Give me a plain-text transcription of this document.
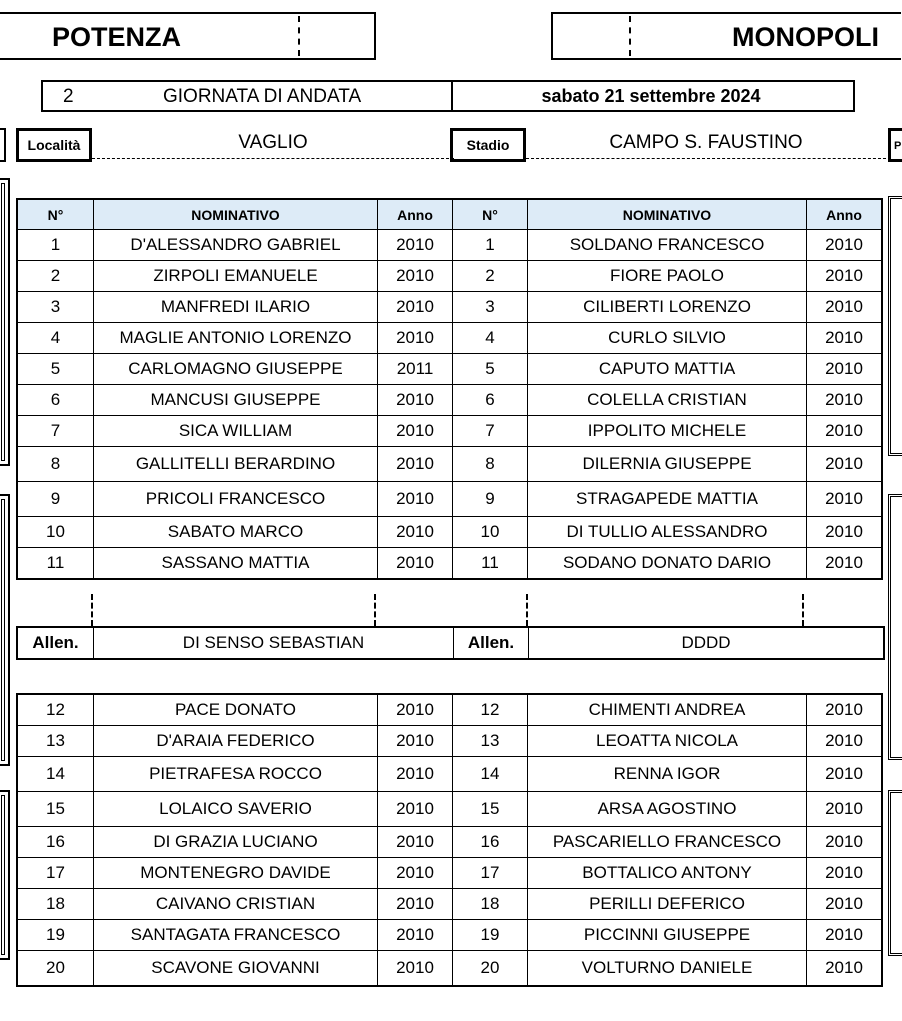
POTENZA	MONOPOLI
2	GIORNATA DI ANDATA	sabato 21 settembre 2024
Località	VAGLIO	Stadio	CAMPO S. FAUSTINO	P
N°	NOMINATIVO	Anno	N°	NOMINATIVO	Anno
1	D'ALESSANDRO GABRIEL	2010	1	SOLDANO FRANCESCO	2010
2	ZIRPOLI EMANUELE	2010	2	FIORE PAOLO	2010
3	MANFREDI ILARIO	2010	3	CILIBERTI LORENZO	2010
4	MAGLIE ANTONIO LORENZO	2010	4	CURLO SILVIO	2010
5	CARLOMAGNO GIUSEPPE	2011	5	CAPUTO MATTIA	2010
6	MANCUSI GIUSEPPE	2010	6	COLELLA CRISTIAN	2010
7	SICA WILLIAM	2010	7	IPPOLITO MICHELE	2010
8	GALLITELLI BERARDINO	2010	8	DILERNIA GIUSEPPE	2010
9	PRICOLI FRANCESCO	2010	9	STRAGAPEDE MATTIA	2010
10	SABATO MARCO	2010	10	DI TULLIO ALESSANDRO	2010
11	SASSANO MATTIA	2010	11	SODANO DONATO DARIO	2010
Allen.	DI SENSO SEBASTIAN	Allen.	DDDD
12	PACE DONATO	2010	12	CHIMENTI ANDREA	2010
13	D'ARAIA FEDERICO	2010	13	LEOATTA NICOLA	2010
14	PIETRAFESA ROCCO	2010	14	RENNA IGOR	2010
15	LOLAICO SAVERIO	2010	15	ARSA AGOSTINO	2010
16	DI GRAZIA LUCIANO	2010	16	PASCARIELLO FRANCESCO	2010
17	MONTENEGRO DAVIDE	2010	17	BOTTALICO ANTONY	2010
18	CAIVANO CRISTIAN	2010	18	PERILLI DEFERICO	2010
19	SANTAGATA FRANCESCO	2010	19	PICCINNI GIUSEPPE	2010
20	SCAVONE GIOVANNI	2010	20	VOLTURNO DANIELE	2010
